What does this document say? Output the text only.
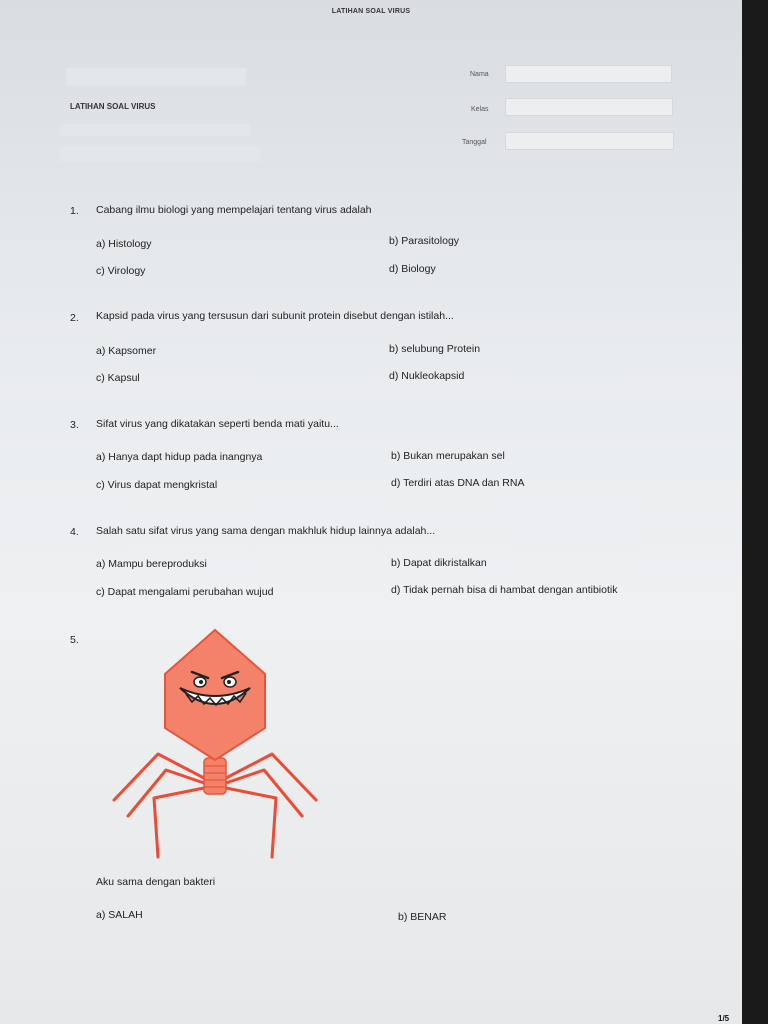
LATIHAN SOAL VIRUS
LATIHAN SOAL VIRUS
Nama
Kelas
Tanggal
1. Cabang ilmu biologi yang mempelajari tentang virus adalah
a) Histology	b) Parasitology
c) Virology	d) Biology
2. Kapsid pada virus yang tersusun dari subunit protein disebut dengan istilah...
a) Kapsomer	b) selubung Protein
c) Kapsul	d) Nukleokapsid
3. Sifat virus yang dikatakan seperti benda mati yaitu...
a) Hanya dapt hidup pada inangnya	b) Bukan merupakan sel
c) Virus dapat mengkristal	d) Terdiri atas DNA dan RNA
4. Salah satu sifat virus yang sama dengan makhluk hidup lainnya adalah...
a) Mampu bereproduksi	b) Dapat dikristalkan
c) Dapat mengalami perubahan wujud	d) Tidak pernah bisa di hambat dengan antibiotik
5.
Aku sama dengan bakteri
a) SALAH	b) BENAR
1/5
